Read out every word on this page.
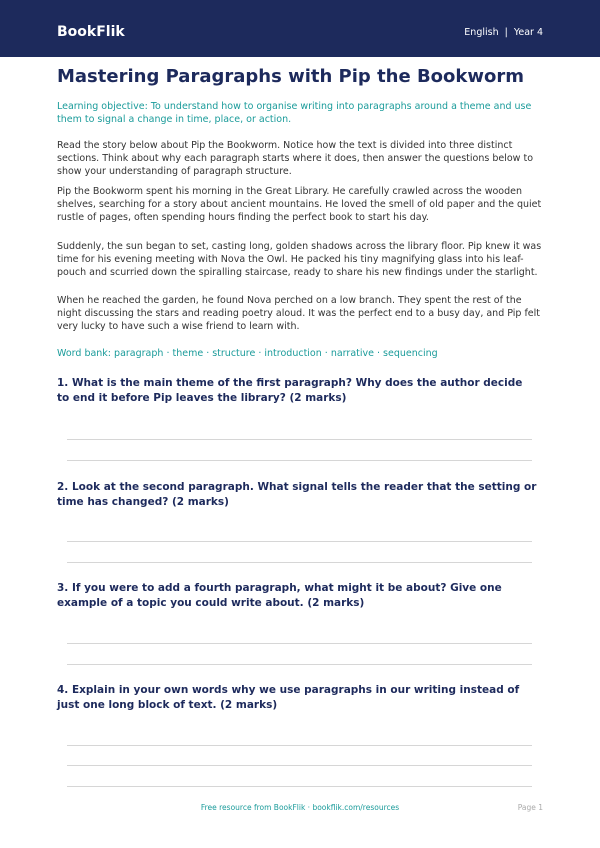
BookFlik	English | Year 4
Mastering Paragraphs with Pip the Bookworm

Learning objective: To understand how to organise writing into paragraphs around a theme and use them to signal a change in time, place, or action.

Read the story below about Pip the Bookworm. Notice how the text is divided into three distinct sections. Think about why each paragraph starts where it does, then answer the questions below to show your understanding of paragraph structure.

Pip the Bookworm spent his morning in the Great Library. He carefully crawled across the wooden shelves, searching for a story about ancient mountains. He loved the smell of old paper and the quiet rustle of pages, often spending hours finding the perfect book to start his day.

Suddenly, the sun began to set, casting long, golden shadows across the library floor. Pip knew it was time for his evening meeting with Nova the Owl. He packed his tiny magnifying glass into his leaf-pouch and scurried down the spiralling staircase, ready to share his new findings under the starlight.

When he reached the garden, he found Nova perched on a low branch. They spent the rest of the night discussing the stars and reading poetry aloud. It was the perfect end to a busy day, and Pip felt very lucky to have such a wise friend to learn with.

Word bank: paragraph · theme · structure · introduction · narrative · sequencing

1. What is the main theme of the first paragraph? Why does the author decide to end it before Pip leaves the library? (2 marks)

2. Look at the second paragraph. What signal tells the reader that the setting or time has changed? (2 marks)

3. If you were to add a fourth paragraph, what might it be about? Give one example of a topic you could write about. (2 marks)

4. Explain in your own words why we use paragraphs in our writing instead of just one long block of text. (2 marks)

Free resource from BookFlik · bookflik.com/resources	Page 1
